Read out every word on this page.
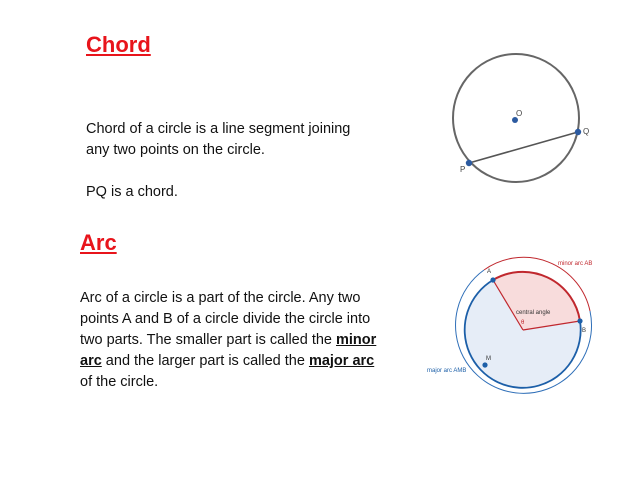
Chord

Chord of a circle is a line segment joining
any two points on the circle.
PQ is a chord.

Arc

Arc of a circle is a part of the circle. Any two points A and B of a circle divide the circle into two parts. The smaller part is called the minor arc and the larger part is called the major arc of the circle.

O
P
Q
minor arc AB
major arc AMB
central angle
θ
A
B
M
